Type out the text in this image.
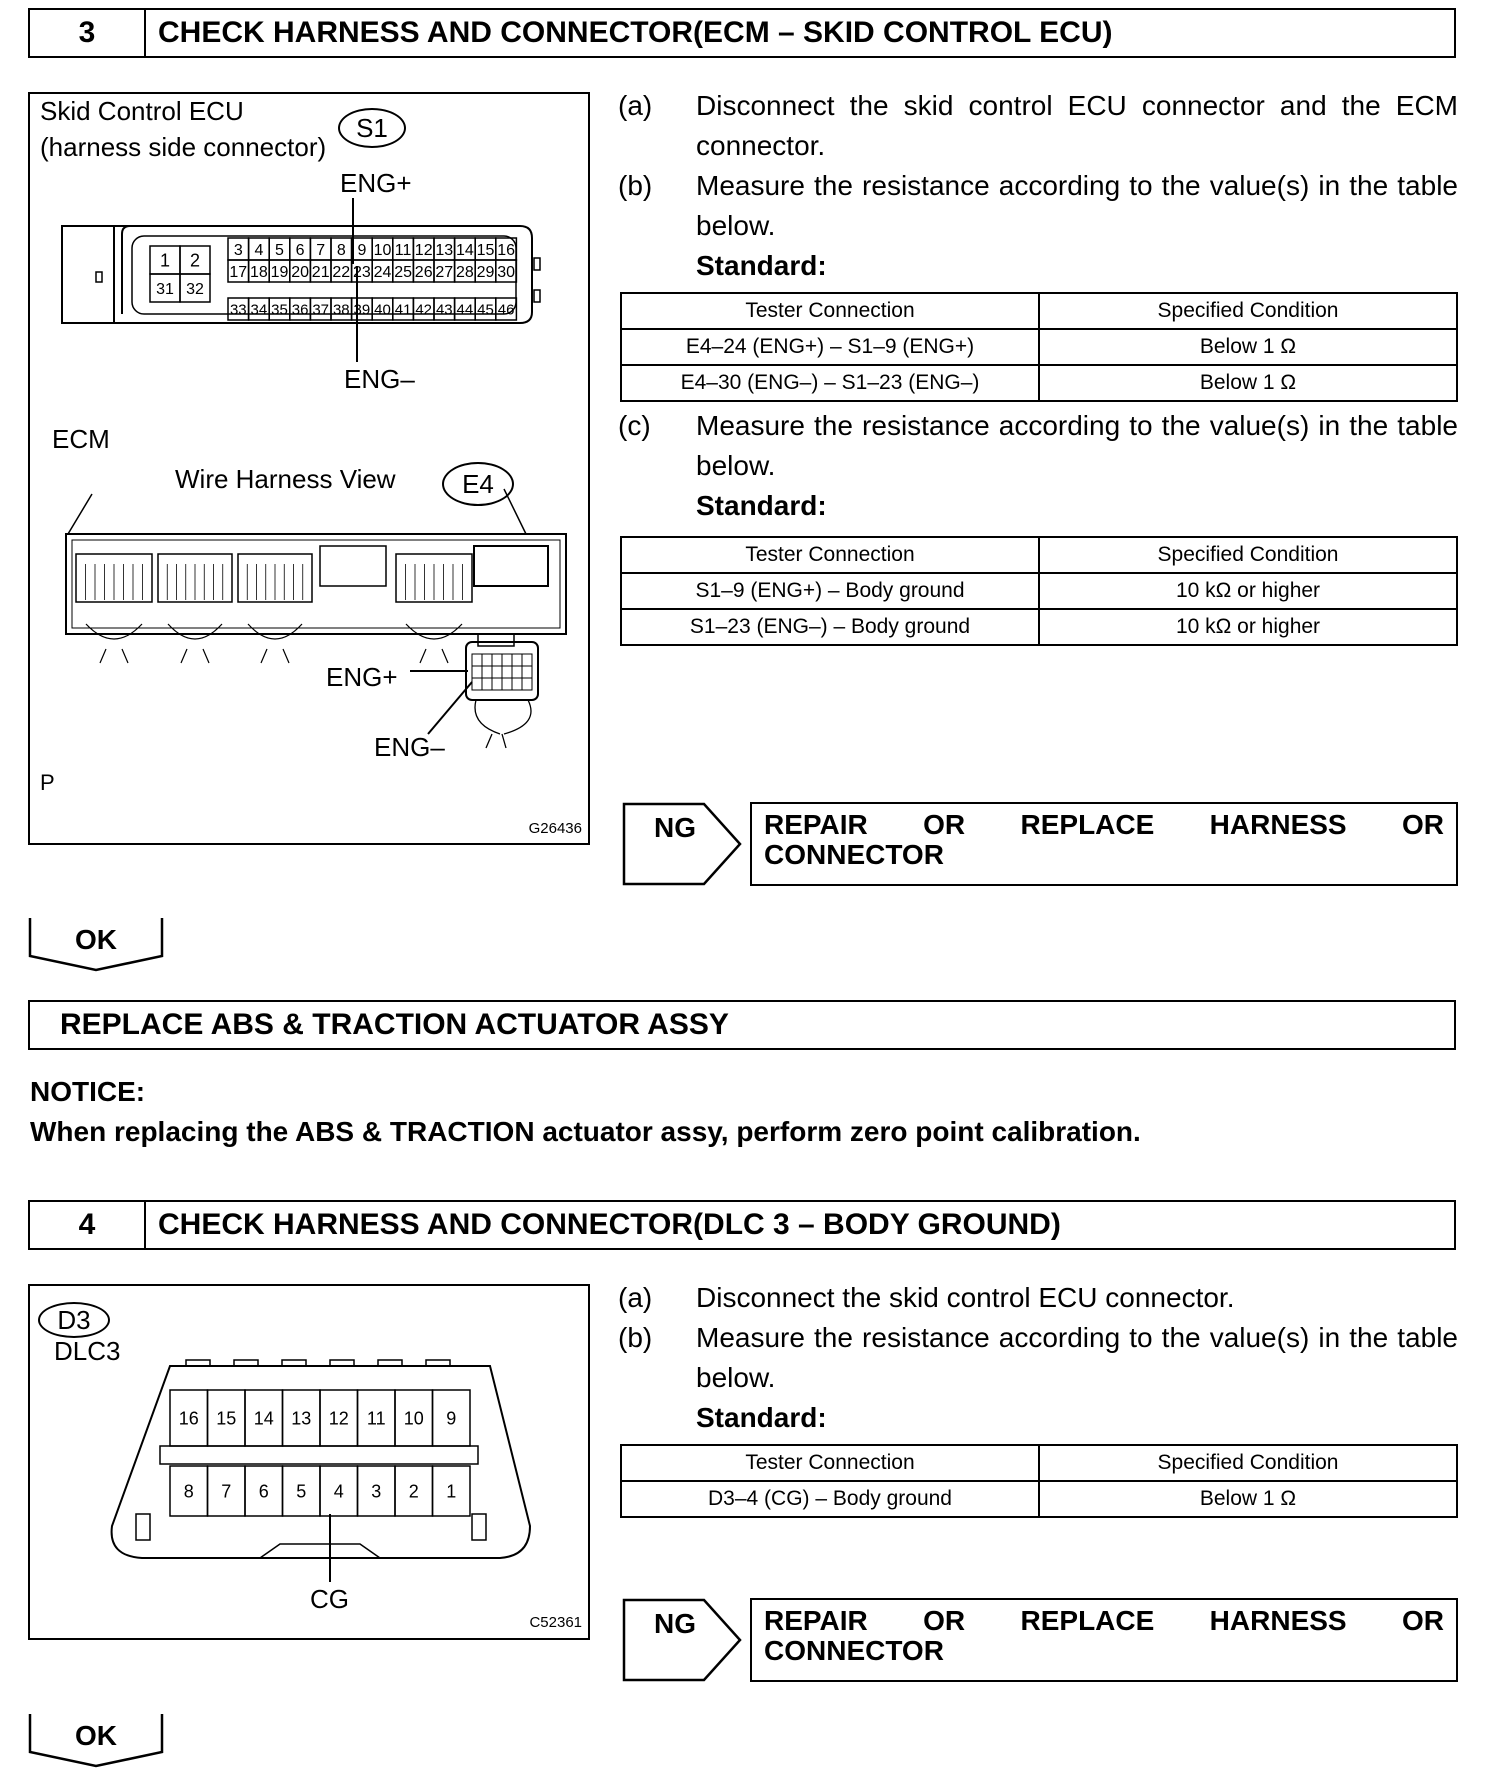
3	CHECK HARNESS AND CONNECTOR(ECM – SKID CONTROL ECU)
Skid Control ECU
(harness side connector)
S1
ENG+
ENG–
ECM
Wire Harness View	E4
ENG+
ENG–
P
G26436
1 2
31 32
3 4 5 6 7 8 9 10 11 12 13 14 15 16
17 18 19 20 21 22 23 24 25 26 27 28 29 30
33 34 35 36 37 38 39 40 41 42 43 44 45 46
(a)	Disconnect the skid control ECU connector and the ECM connector.
(b)	Measure the resistance according to the value(s) in the table below.
Standard:
Tester Connection	Specified Condition
E4–24 (ENG+) – S1–9 (ENG+)	Below 1 Ω
E4–30 (ENG–) – S1–23 (ENG–)	Below 1 Ω
(c)	Measure the resistance according to the value(s) in the table below.
Standard:
Tester Connection	Specified Condition
S1–9 (ENG+) – Body ground	10 kΩ or higher
S1–23 (ENG–) – Body ground	10 kΩ or higher
NG REPAIR   OR   REPLACE   HARNESS   OR
CONNECTOR
OK
REPLACE ABS & TRACTION ACTUATOR ASSY
NOTICE:
When replacing the ABS & TRACTION actuator assy, perform zero point calibration.
4	CHECK HARNESS AND CONNECTOR(DLC 3 – BODY GROUND)
D3
DLC3
CG
C52361
16 15 14 13 12 11 10 9
8 7 6 5 4 3 2 1
(a)	Disconnect the skid control ECU connector.
(b)	Measure the resistance according to the value(s) in the table below.
Standard:
Tester Connection	Specified Condition
D3–4 (CG) – Body ground	Below 1 Ω
NG REPAIR   OR   REPLACE   HARNESS   OR
CONNECTOR
OK
